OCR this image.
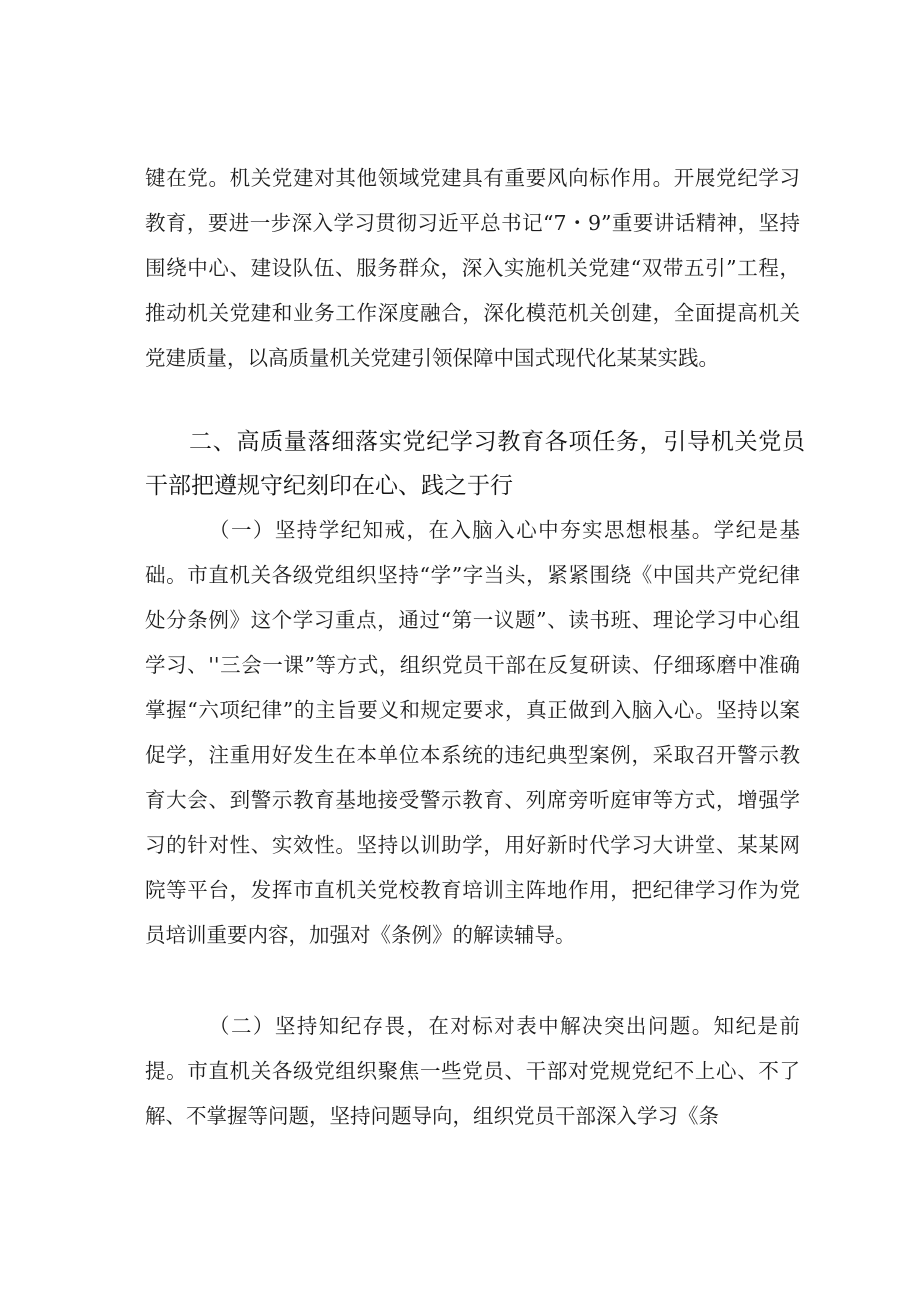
键在党。机关党建对其他领域党建具有重要风向标作用。开展党纪学习教育，要进一步深入学习贯彻习近平总书记“7・9”重要讲话精神，坚持围绕中心、建设队伍、服务群众，深入实施机关党建“双带五引”工程，推动机关党建和业务工作深度融合，深化模范机关创建，全面提高机关党建质量，以高质量机关党建引领保障中国式现代化某某实践。
二、高质量落细落实党纪学习教育各项任务，引导机关党员干部把遵规守纪刻印在心、践之于行
（一）坚持学纪知戒，在入脑入心中夯实思想根基。学纪是基础。市直机关各级党组织坚持“学”字当头，紧紧围绕《中国共产党纪律处分条例》这个学习重点，通过“第一议题”、读书班、理论学习中心组学习、''三会一课”等方式，组织党员干部在反复研读、仔细琢磨中准确掌握“六项纪律”的主旨要义和规定要求，真正做到入脑入心。坚持以案促学，注重用好发生在本单位本系统的违纪典型案例，采取召开警示教育大会、到警示教育基地接受警示教育、列席旁听庭审等方式，增强学习的针对性、实效性。坚持以训助学，用好新时代学习大讲堂、某某网院等平台，发挥市直机关党校教育培训主阵地作用，把纪律学习作为党员培训重要内容，加强对《条例》的解读辅导。
（二）坚持知纪存畏，在对标对表中解决突出问题。知纪是前提。市直机关各级党组织聚焦一些党员、干部对党规党纪不上心、不了解、不掌握等问题，坚持问题导向，组织党员干部深入学习《条
